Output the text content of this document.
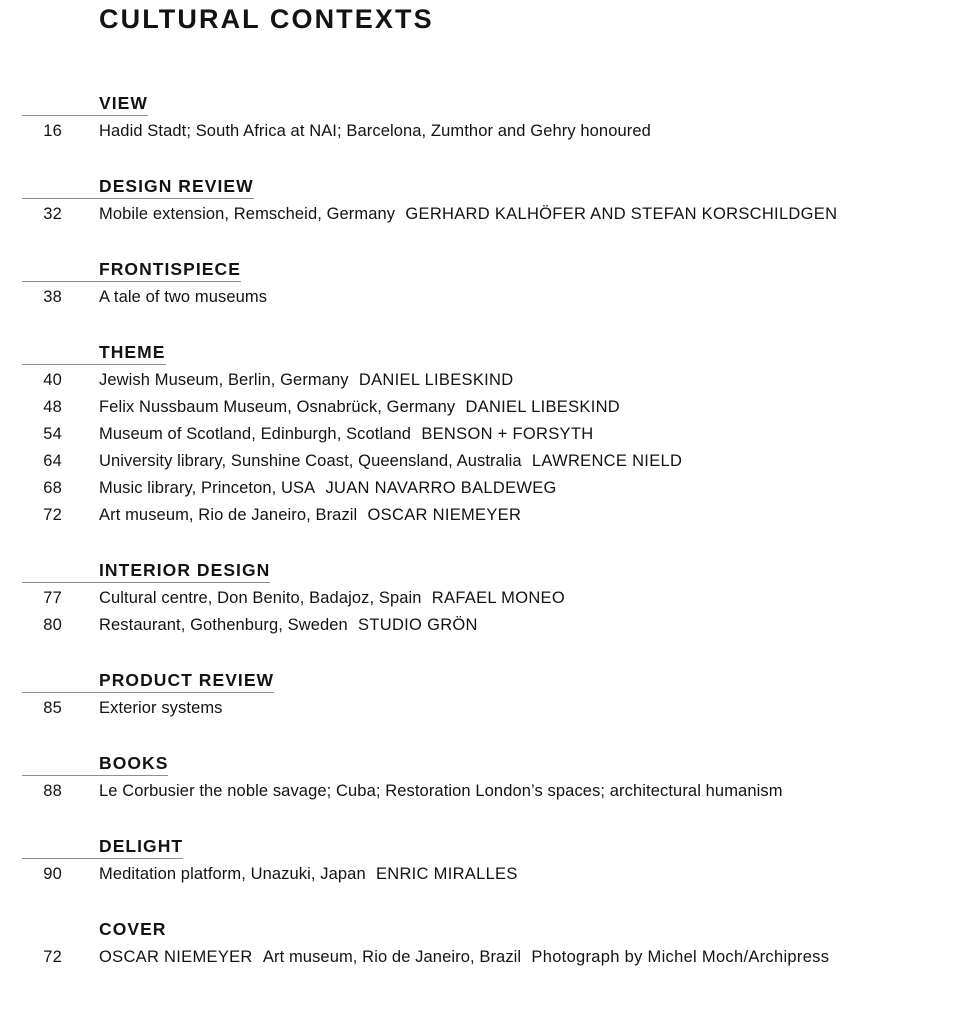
CULTURAL CONTEXTS
VIEW
16 Hadid Stadt; South Africa at NAI; Barcelona, Zumthor and Gehry honoured
DESIGN REVIEW
32 Mobile extension, Remscheid, Germany GERHARD KALHÖFER AND STEFAN KORSCHILDGEN
FRONTISPIECE
38 A tale of two museums
THEME
40 Jewish Museum, Berlin, Germany DANIEL LIBESKIND
48 Felix Nussbaum Museum, Osnabrück, Germany DANIEL LIBESKIND
54 Museum of Scotland, Edinburgh, Scotland BENSON + FORSYTH
64 University library, Sunshine Coast, Queensland, Australia LAWRENCE NIELD
68 Music library, Princeton, USA JUAN NAVARRO BALDEWEG
72 Art museum, Rio de Janeiro, Brazil OSCAR NIEMEYER
INTERIOR DESIGN
77 Cultural centre, Don Benito, Badajoz, Spain RAFAEL MONEO
80 Restaurant, Gothenburg, Sweden STUDIO GRÖN
PRODUCT REVIEW
85 Exterior systems
BOOKS
88 Le Corbusier the noble savage; Cuba; Restoration London’s spaces; architectural humanism
DELIGHT
90 Meditation platform, Unazuki, Japan ENRIC MIRALLES
COVER
72 OSCAR NIEMEYER Art museum, Rio de Janeiro, Brazil Photograph by Michel Moch/Archipress
